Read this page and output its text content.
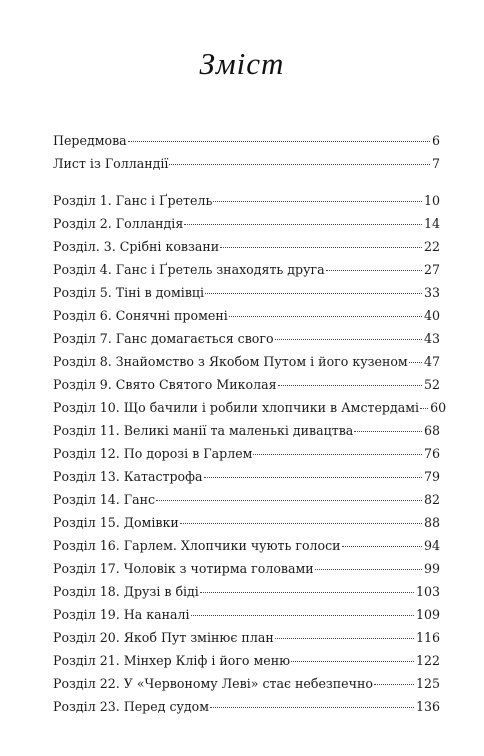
Зміст
Передмова	6
Лист із Голландії	7
Розділ 1. Ганс і Ґретель	10
Розділ 2. Голландія	14
Розділ. 3. Срібні ковзани	22
Розділ 4. Ганс і Ґретель знаходять друга	27
Розділ 5. Тіні в домівці	33
Розділ 6. Сонячні промені	40
Розділ 7. Ганс домагається свого	43
Розділ 8. Знайомство з Якобом Путом і його кузеном 47
Розділ 9. Свято Святого Миколая	52
Розділ 10. Що бачили і робили хлопчики в Амстердамі 60
Розділ 11. Великі манії та маленькі дивацтва	68
Розділ 12. По дорозі в Гарлем	76
Розділ 13. Катастрофа	79
Розділ 14. Ганс	82
Розділ 15. Домівки	88
Розділ 16. Гарлем. Хлопчики чують голоси	94
Розділ 17. Чоловік з чотирма головами	99
Розділ 18. Друзі в біді	103
Розділ 19. На каналі	109
Розділ 20. Якоб Пут змінює план	116
Розділ 21. Мінхер Кліф і його меню	122
Розділ 22. У «Червоному Леві» стає небезпечно	125
Розділ 23. Перед судом	136
